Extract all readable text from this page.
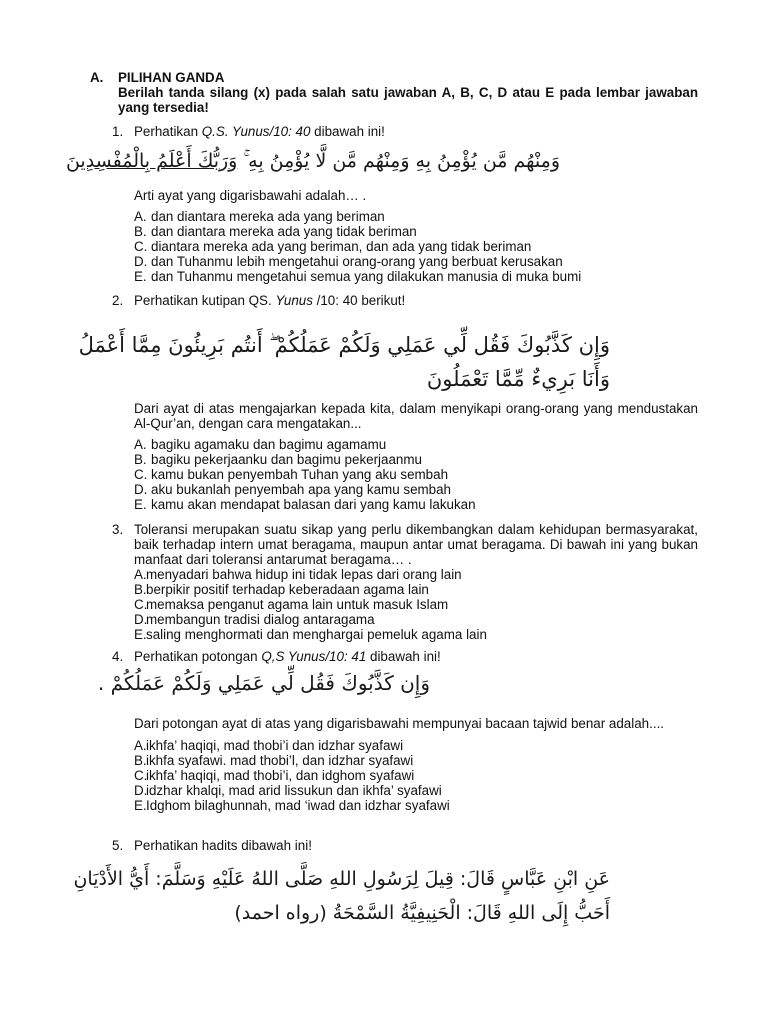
A.	PILIHAN GANDA
Berilah tanda silang (x) pada salah satu jawaban A, B, C, D atau E pada lembar jawaban yang tersedia!
1. Perhatikan Q.S. Yunus/10: 40 dibawah ini!
وَمِنْهُم مَّن يُؤْمِنُ بِهِ وَمِنْهُم مَّن لَّا يُؤْمِنُ بِهِ ۚ وَرَبُّكَ أَعْلَمُ بِالْمُفْسِدِينَ
Arti ayat yang digarisbawahi adalah… .
A. dan diantara mereka ada yang beriman
B. dan diantara mereka ada yang tidak beriman
C. diantara mereka ada yang beriman, dan ada yang tidak beriman
D. dan Tuhanmu lebih mengetahui orang-orang yang berbuat kerusakan
E. dan Tuhanmu mengetahui semua yang dilakukan manusia di muka bumi
2. Perhatikan kutipan QS. Yunus /10: 40 berikut!
وَإِن كَذَّبُوكَ فَقُل لِّي عَمَلِي وَلَكُمْ عَمَلُكُمْ ۖ أَنتُم بَرِيئُونَ مِمَّا أَعْمَلُ
وَأَنَا بَرِيءٌ مِّمَّا تَعْمَلُونَ
Dari ayat di atas mengajarkan kepada kita, dalam menyikapi orang-orang yang mendustakan Al-Qur’an, dengan cara mengatakan...
A. bagiku agamaku dan bagimu agamamu
B. bagiku pekerjaanku dan bagimu pekerjaanmu
C. kamu bukan penyembah Tuhan yang aku sembah
D. aku bukanlah penyembah apa yang kamu sembah
E. kamu akan mendapat balasan dari yang kamu lakukan
3. Toleransi merupakan suatu sikap yang perlu dikembangkan dalam kehidupan bermasyarakat, baik terhadap intern umat beragama, maupun antar umat beragama. Di bawah ini yang bukan manfaat dari toleransi antarumat beragama… .
A. menyadari bahwa hidup ini tidak lepas dari orang lain
B. berpikir positif terhadap keberadaan agama lain
C.
memaksa penganut agama lain untuk masuk Islam
D.
membangun tradisi dialog antaragama
E. saling menghormati dan menghargai pemeluk agama lain
4. Perhatikan potongan Q,S Yunus/10: 41 dibawah ini!
وَإِن كَذَّبُوكَ فَقُل لِّي عَمَلِي وَلَكُمْ عَمَلُكُمْ .
Dari potongan ayat di atas yang digarisbawahi mempunyai bacaan tajwid benar adalah....
A. ikhfa’ haqiqi, mad thobi’i dan idzhar syafawi
B. ikhfa syafawi. mad thobi’l, dan idzhar syafawi
C.
ikhfa’ haqiqi, mad thobi’i, dan idghom syafawi
D.
idzhar khalqi, mad arid lissukun dan ikhfa’ syafawi
E. Idghom bilaghunnah, mad ‘iwad dan idzhar syafawi
5. Perhatikan hadits dibawah ini!
عَنِ ابْنِ عَبَّاسٍ قَالَ: قِيلَ لِرَسُولِ اللهِ صَلَّى اللهُ عَلَيْهِ وَسَلَّمَ: أَيُّ الأَدْيَانِ
أَحَبُّ إِلَى اللهِ قَالَ: الْحَنِيفِيَّةُ السَّمْحَةُ (رواه احمد)
